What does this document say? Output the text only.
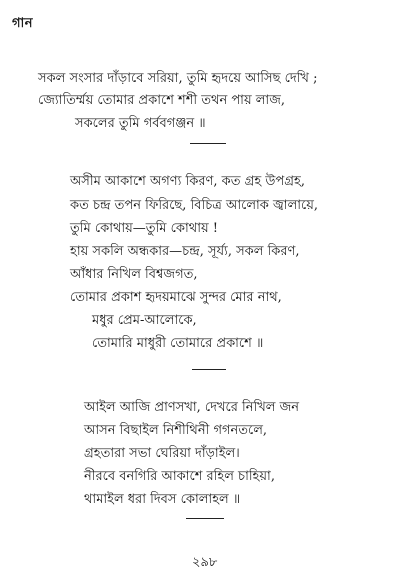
গান
সকল সংসার দাঁড়াবে সরিয়া, তুমি হৃদয়ে আসিছ দেখি ;
জ্যোতির্ম্ময় তোমার প্রকাশে শশী তথন পায় লাজ,
সকলের তুমি গর্ববগঞ্জন ॥
অসীম আকাশে অগণ্য কিরণ, কত গ্রহ উপগ্রহ,
কত চন্দ্র তপন ফিরিছে, বিচিত্র আলোক জ্বালায়ে,
তুমি কোথায়—তুমি কোথায় !
হায় সকলি অন্ধকার—চন্দ্র, সূর্য্য, সকল কিরণ,
আঁধার নিখিল বিশ্বজগত,
তোমার প্রকাশ হৃদয়মাঝে সুন্দর মোর নাথ,
মধুর প্রেম-আলোকে,
তোমারি মাধুরী তোমারে প্রকাশে ॥
আইল আজি প্রাণসখা, দেখরে নিখিল জন
আসন বিছাইল নিশীথিনী গগনতলে,
গ্রহতারা সভা ঘেরিয়া দাঁড়াইল।
নীরবে বনগিরি আকাশে রহিল চাহিয়া,
থামাইল ধরা দিবস কোলাহল ॥
২৯৮
